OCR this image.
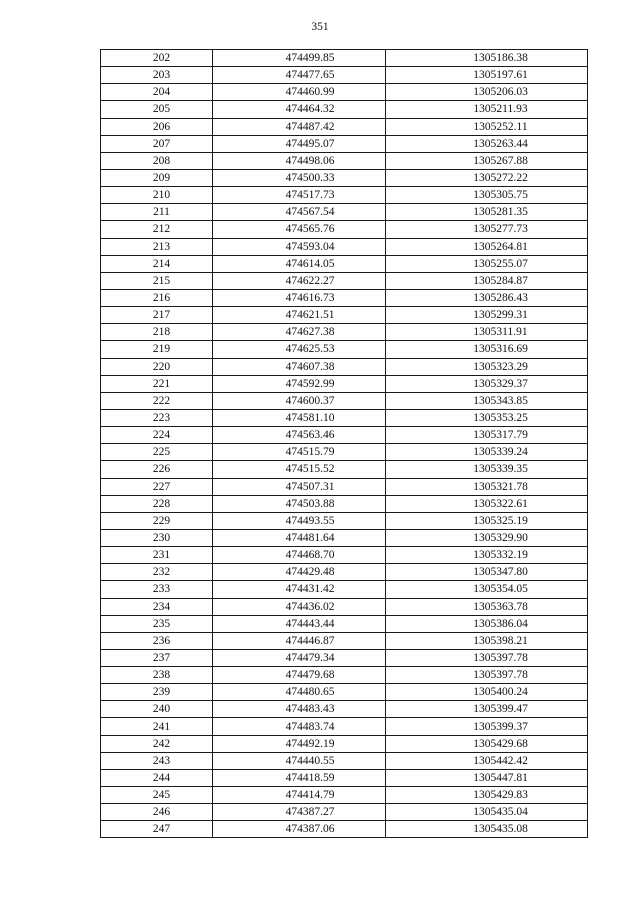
351
202	474499.85	1305186.38
203	474477.65	1305197.61
204	474460.99	1305206.03
205	474464.32	1305211.93
206	474487.42	1305252.11
207	474495.07	1305263.44
208	474498.06	1305267.88
209	474500.33	1305272.22
210	474517.73	1305305.75
211	474567.54	1305281.35
212	474565.76	1305277.73
213	474593.04	1305264.81
214	474614.05	1305255.07
215	474622.27	1305284.87
216	474616.73	1305286.43
217	474621.51	1305299.31
218	474627.38	1305311.91
219	474625.53	1305316.69
220	474607.38	1305323.29
221	474592.99	1305329.37
222	474600.37	1305343.85
223	474581.10	1305353.25
224	474563.46	1305317.79
225	474515.79	1305339.24
226	474515.52	1305339.35
227	474507.31	1305321.78
228	474503.88	1305322.61
229	474493.55	1305325.19
230	474481.64	1305329.90
231	474468.70	1305332.19
232	474429.48	1305347.80
233	474431.42	1305354.05
234	474436.02	1305363.78
235	474443.44	1305386.04
236	474446.87	1305398.21
237	474479.34	1305397.78
238	474479.68	1305397.78
239	474480.65	1305400.24
240	474483.43	1305399.47
241	474483.74	1305399.37
242	474492.19	1305429.68
243	474440.55	1305442.42
244	474418.59	1305447.81
245	474414.79	1305429.83
246	474387.27	1305435.04
247	474387.06	1305435.08
